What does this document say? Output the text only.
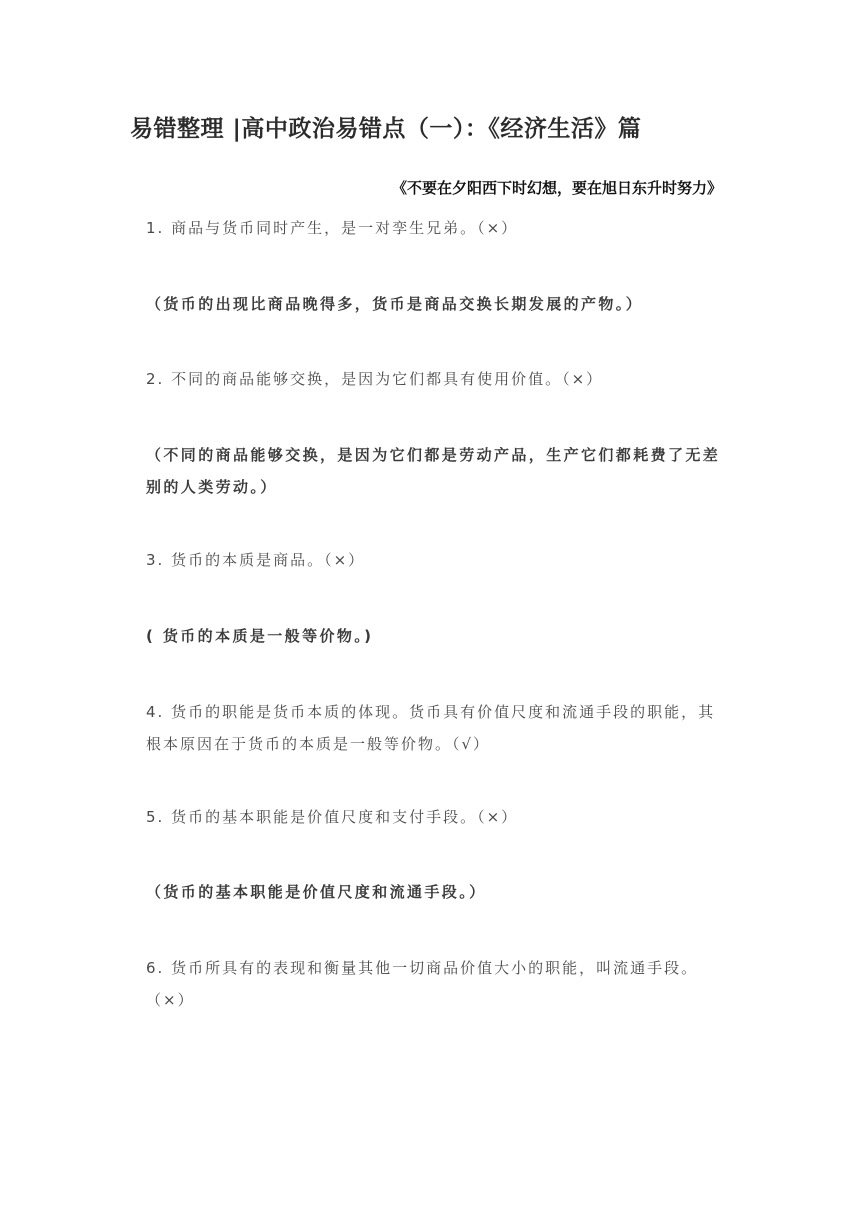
易错整理 |高中政治易错点（一）：《经济生活》篇
《不要在夕阳西下时幻想，要在旭日东升时努力》
1. 商品与货币同时产生，是一对孪生兄弟。（×）
（货币的出现比商品晚得多，货币是商品交换长期发展的产物。）
2. 不同的商品能够交换，是因为它们都具有使用价值。（×）
（不同的商品能够交换，是因为它们都是劳动产品，生产它们都耗费了无差别的人类劳动。）
3. 货币的本质是商品。（×）
( 货币的本质是一般等价物。)
4. 货币的职能是货币本质的体现。货币具有价值尺度和流通手段的职能，其根本原因在于货币的本质是一般等价物。（√）
5. 货币的基本职能是价值尺度和支付手段。（×）
（货币的基本职能是价值尺度和流通手段。）
6. 货币所具有的表现和衡量其他一切商品价值大小的职能，叫流通手段。（×）
